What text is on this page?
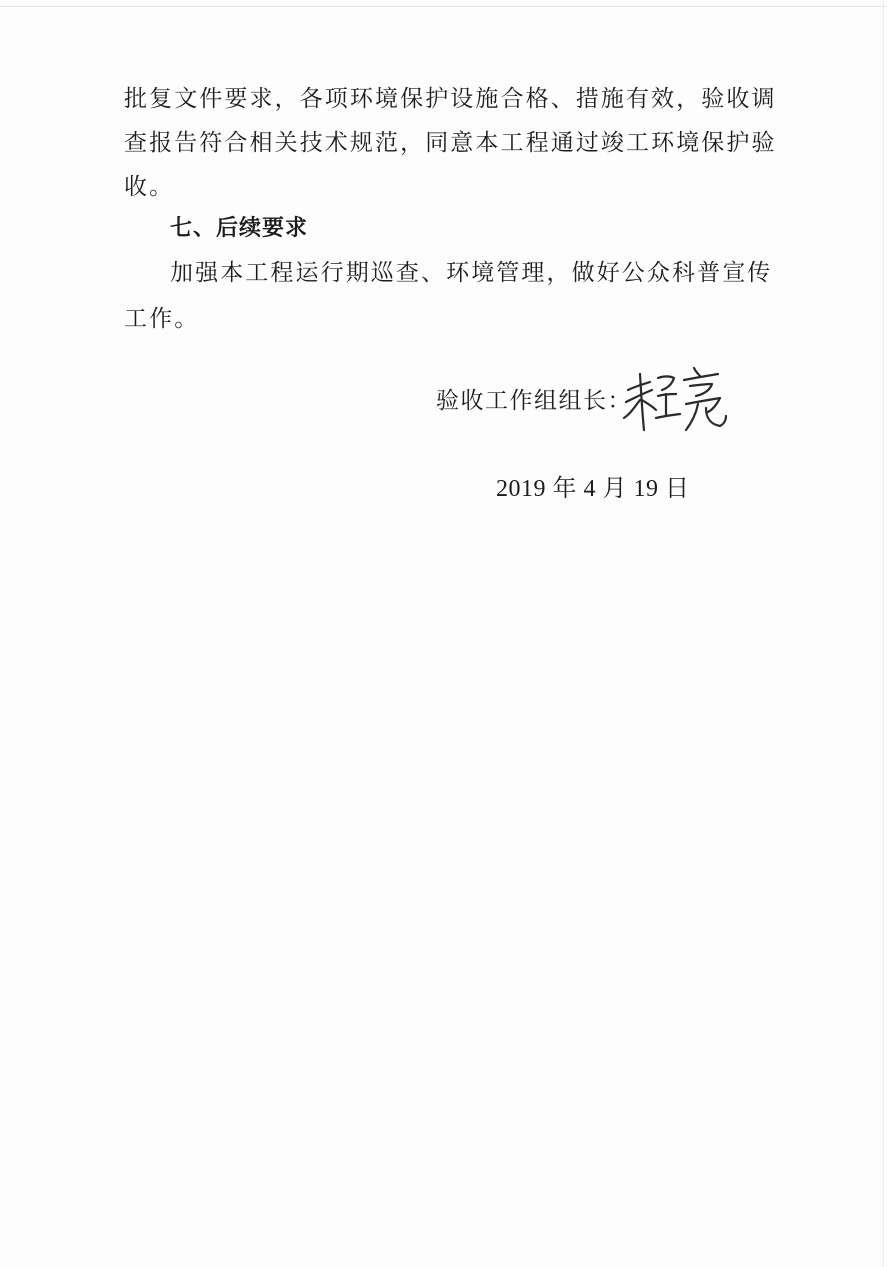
批复文件要求，各项环境保护设施合格、措施有效，验收调
查报告符合相关技术规范，同意本工程通过竣工环境保护验
收。
七、后续要求
加强本工程运行期巡查、环境管理，做好公众科普宣传
工作。
验收工作组组长：
2019 年 4 月 19 日
